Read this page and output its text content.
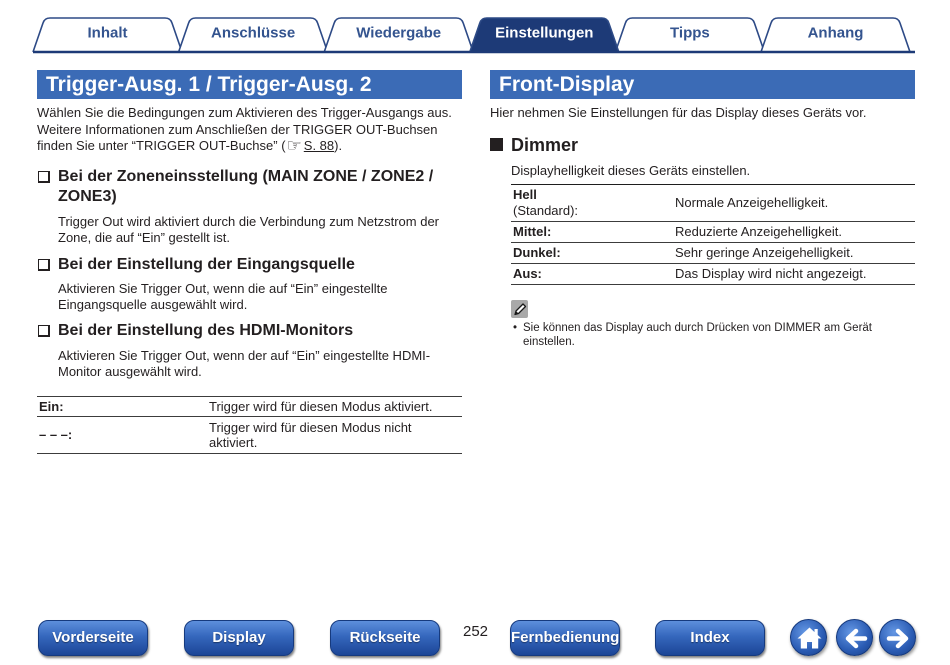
Inhalt	Anschlüsse	Wiedergabe	Tipps	Anhang
Einstellungen
Trigger-Ausg. 1 / Trigger-Ausg. 2
Wählen Sie die Bedingungen zum Aktivieren des Trigger-Ausgangs aus.
Weitere Informationen zum Anschließen der TRIGGER OUT-Buchsen
finden Sie unter “TRIGGER OUT-Buchse” (☞ S. 88).
Bei der Zoneneinsstellung (MAIN ZONE / ZONE2 /
ZONE3)
Trigger Out wird aktiviert durch die Verbindung zum Netzstrom der
Zone, die auf “Ein” gestellt ist.
Bei der Einstellung der Eingangsquelle
Aktivieren Sie Trigger Out, wenn die auf “Ein” eingestellte
Eingangsquelle ausgewählt wird.
Bei der Einstellung des HDMI-Monitors
Aktivieren Sie Trigger Out, wenn der auf “Ein” eingestellte HDMI-
Monitor ausgewählt wird.
Ein:	Trigger wird für diesen Modus aktiviert.
– – –:
Trigger wird für diesen Modus nicht aktiviert.
Front-Display
Hier nehmen Sie Einstellungen für das Display dieses Geräts vor.
Dimmer
Displayhelligkeit dieses Geräts einstellen.
Hell
(Standard):
Normale Anzeigehelligkeit.
Mittel:	Reduzierte Anzeigehelligkeit.
Dunkel:	Sehr geringe Anzeigehelligkeit.
Aus:	Das Display wird nicht angezeigt.
• Sie können das Display auch durch Drücken von DIMMER am Gerät
einstellen.
Vorderseite	Display	Rückseite	252 Fernbedienung	Index
